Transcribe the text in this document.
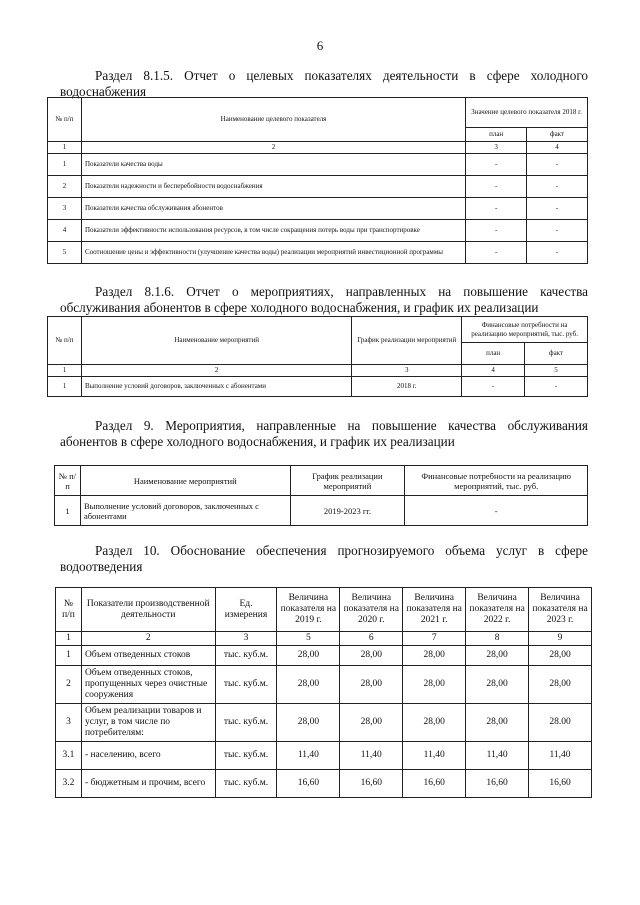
6
Раздел 8.1.5. Отчет о целевых показателях деятельности в сфере холодного водоснабжения
№ п/п	Наименование целевого показателя	Значение целевого показателя 2018 г.	
		план	факт
1	2	3	4
1	Показатели качества воды	-	-
2	Показатели надежности и бесперебойности водоснабжения	-	-
3	Показатели качества обслуживания абонентов	-	-
4	Показатели эффективности использования ресурсов, в том числе сокращения потерь воды при транспортировке	-	-
5	Соотношение цены и эффективности (улучшение качества воды) реализации мероприятий инвестиционной программы	-	-
Раздел 8.1.6. Отчет о мероприятиях, направленных на повышение качества обслуживания абонентов в сфере холодного водоснабжения, и график их реализации
№ п/п	Наименование мероприятий	График реализации мероприятий	Финансовые потребности на реализацию мероприятий, тыс. руб.	
			план	факт
1	2	3	4	5
1	Выполнение условий договоров, заключенных с абонентами	2018 г.	-	-
Раздел 9. Мероприятия, направленные на повышение качества обслуживания абонентов в сфере холодного водоснабжения, и график их реализации
№ п/п	Наименование мероприятий	График реализации мероприятий	Финансовые потребности на реализацию мероприятий, тыс. руб.
1	Выполнение условий договоров, заключенных с абонентами	2019-2023 гг.	-
Раздел 10. Обоснование обеспечения прогнозируемого объема услуг в сфере водоотведения
№ п/п	Показатели производственной деятельности	Ед. измерения	Величина показателя на 2019 г.	Величина показателя на 2020 г.	Величина показателя на 2021 г.	Величина показателя на 2022 г.	Величина показателя на 2023 г.
1	2	3	5	6	7	8	9
1	Объем отведенных стоков	тыс. куб.м.	28,00	28,00	28,00	28,00	28,00
2	Объем отведенных стоков, пропущенных через очистные сооружения	тыс. куб.м.	28,00	28,00	28,00	28,00	28,00
3	Объем реализации товаров и услуг, в том числе по потребителям:	тыс. куб.м.	28,00	28,00	28,00	28,00	28.00
3.1	- населению, всего	тыс. куб.м.	11,40	11,40	11,40	11,40	11,40
3.2	- бюджетным и прочим, всего	тыс. куб.м.	16,60	16,60	16,60	16,60	16,60
